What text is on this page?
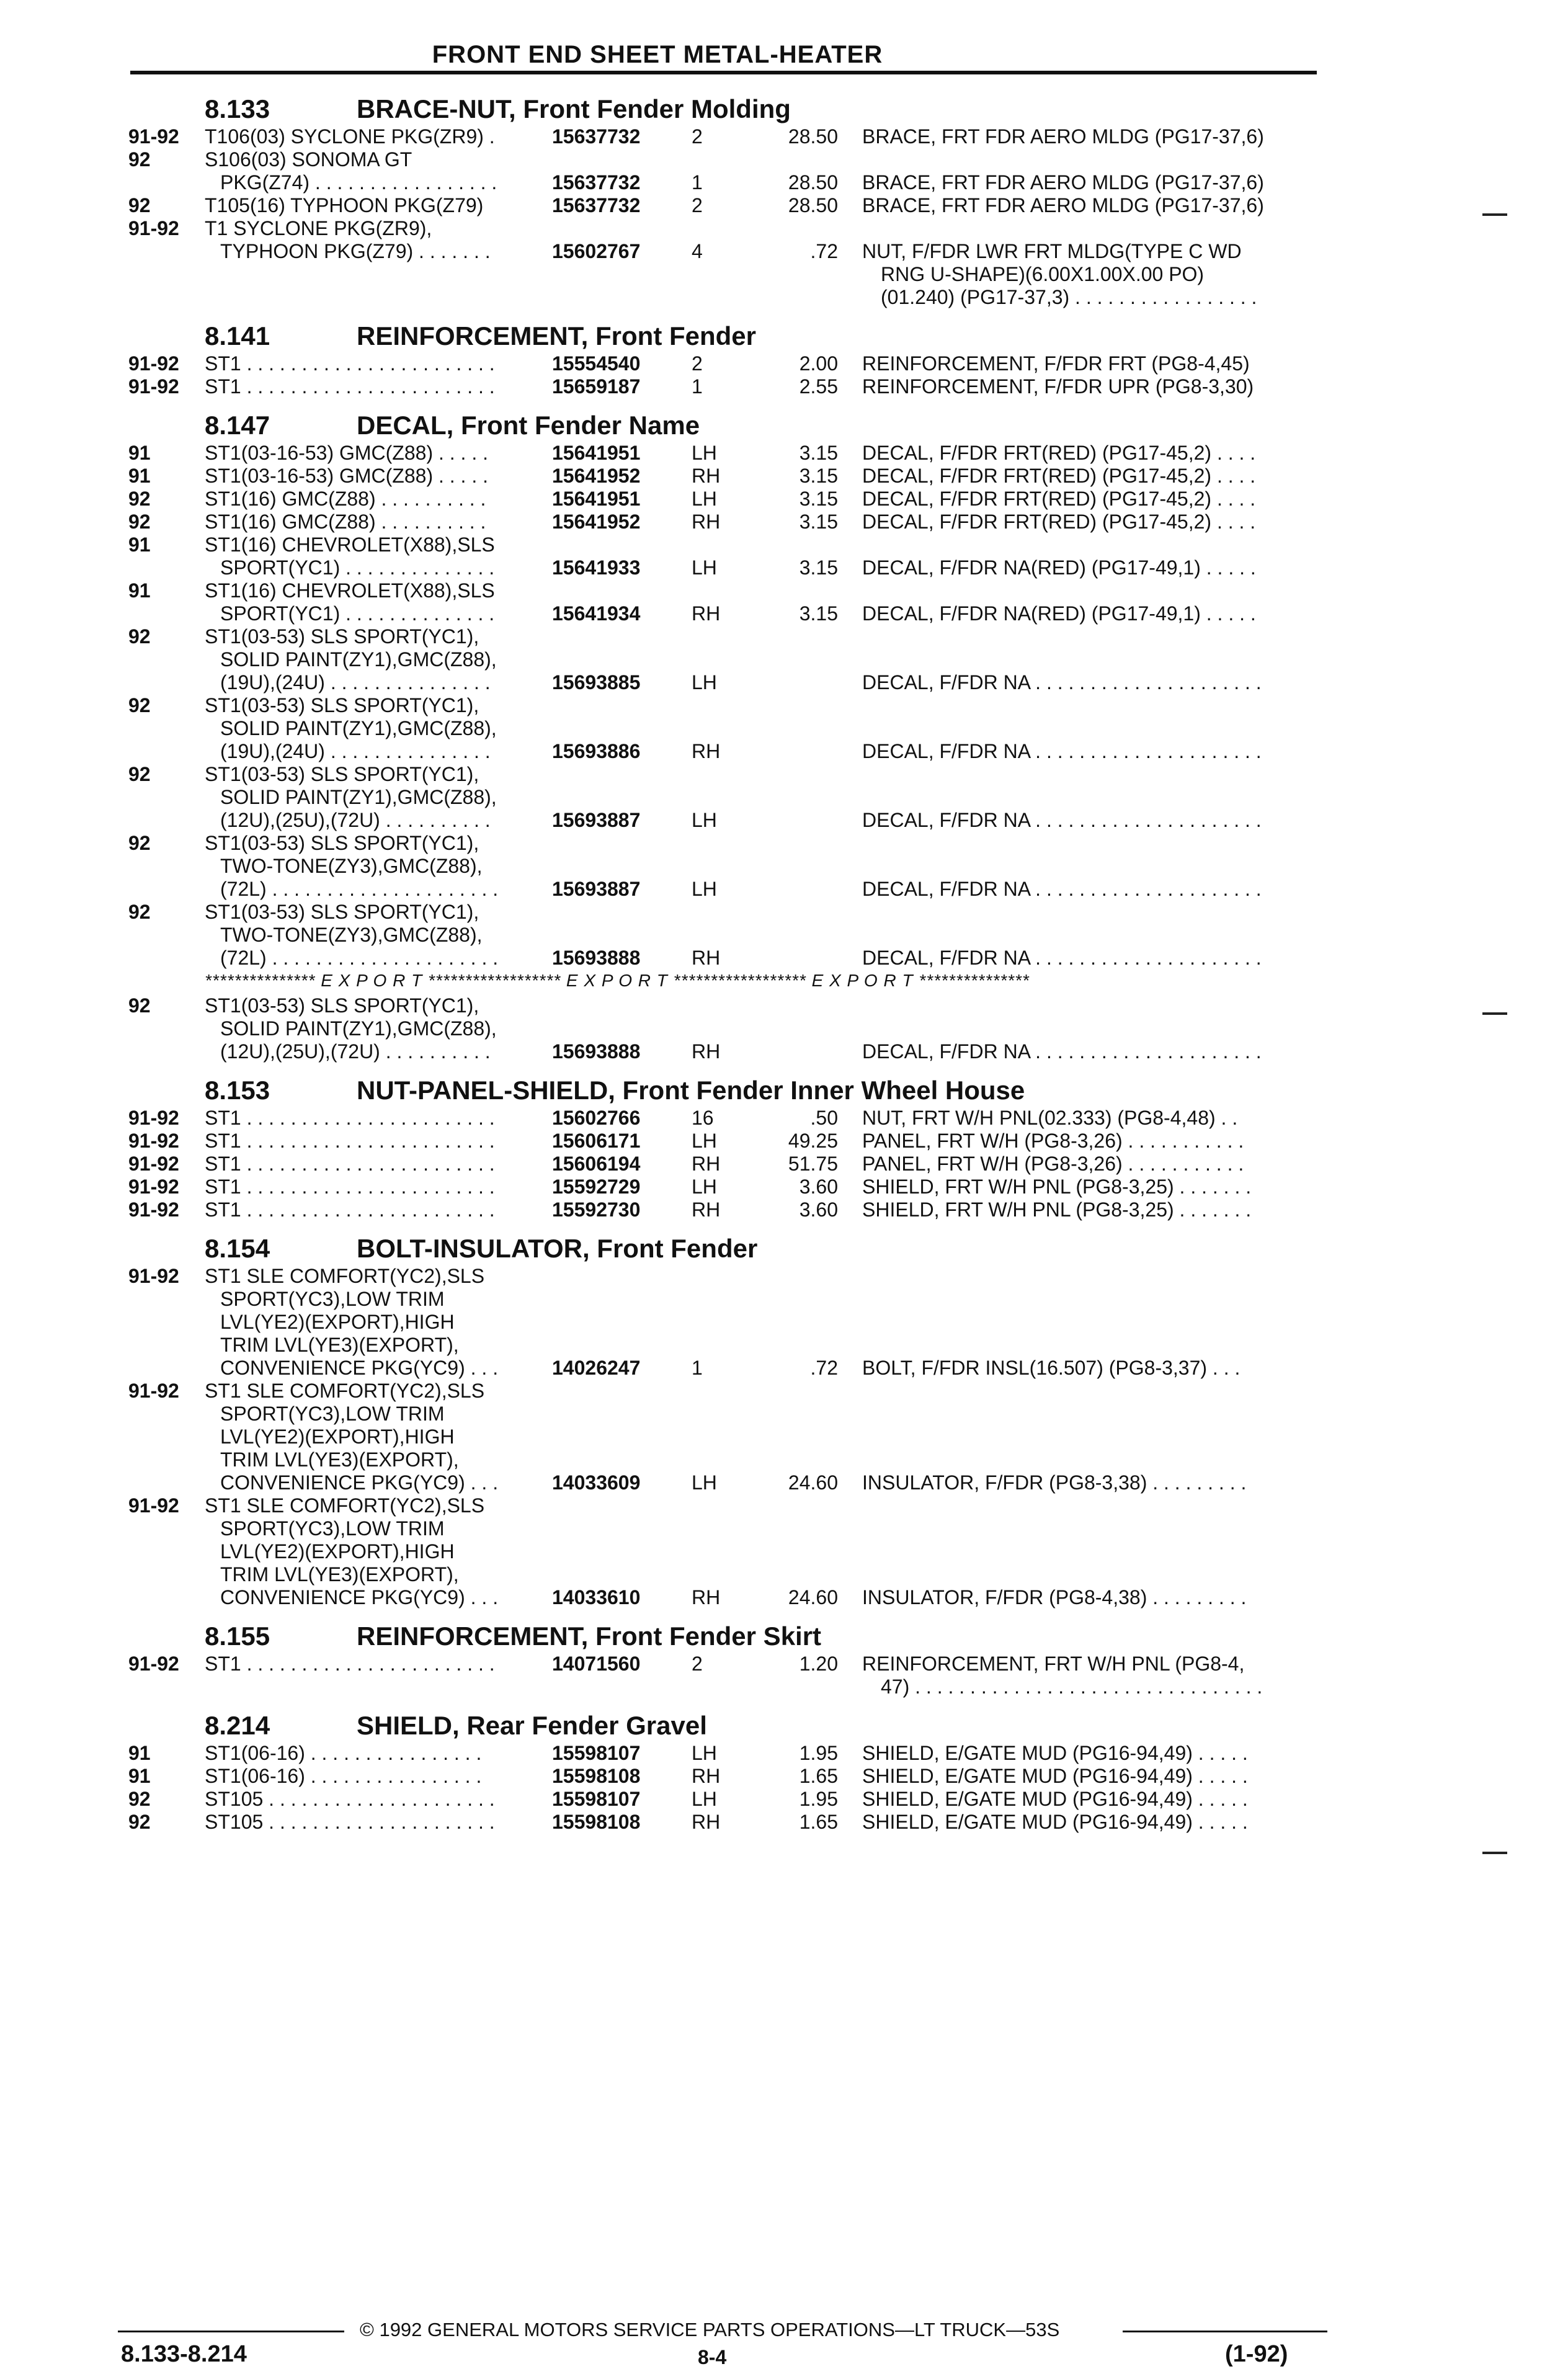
FRONT END SHEET METAL-HEATER
8.133	BRACE-NUT, Front Fender Molding
91-92 T106(03) SYCLONE PKG(ZR9) .	15637732	2	28.50 BRACE, FRT FDR AERO MLDG (PG17-37,6)
92	S106(03) SONOMA GT
PKG(Z74) . . . . . . . . . . . . . . . . .	15637732	1	28.50 BRACE, FRT FDR AERO MLDG (PG17-37,6)
92	T105(16) TYPHOON PKG(Z79)	15637732	2	28.50 BRACE, FRT FDR AERO MLDG (PG17-37,6)
91-92 T1 SYCLONE PKG(ZR9),
TYPHOON PKG(Z79) . . . . . . .	15602767	4	.72 NUT, F/FDR LWR FRT MLDG(TYPE C WD
RNG U-SHAPE)(6.00X1.00X.00 PO)
(01.240) (PG17-37,3) . . . . . . . . . . . . . . . . .
8.141	REINFORCEMENT, Front Fender
91-92 ST1 . . . . . . . . . . . . . . . . . . . . . . .	15554540	2	2.00 REINFORCEMENT, F/FDR FRT (PG8-4,45)
91-92 ST1 . . . . . . . . . . . . . . . . . . . . . . .	15659187	1	2.55 REINFORCEMENT, F/FDR UPR (PG8-3,30)
8.147	DECAL, Front Fender Name
91	ST1(03-16-53) GMC(Z88) . . . . .	15641951	LH	3.15 DECAL, F/FDR FRT(RED) (PG17-45,2) . . . .
91	ST1(03-16-53) GMC(Z88) . . . . .	15641952	RH	3.15 DECAL, F/FDR FRT(RED) (PG17-45,2) . . . .
92	ST1(16) GMC(Z88) . . . . . . . . . .	15641951	LH	3.15 DECAL, F/FDR FRT(RED) (PG17-45,2) . . . .
92	ST1(16) GMC(Z88) . . . . . . . . . .	15641952	RH	3.15 DECAL, F/FDR FRT(RED) (PG17-45,2) . . . .
91	ST1(16) CHEVROLET(X88),SLS
SPORT(YC1) . . . . . . . . . . . . . .	15641933	LH	3.15 DECAL, F/FDR NA(RED) (PG17-49,1) . . . . .
91	ST1(16) CHEVROLET(X88),SLS
SPORT(YC1) . . . . . . . . . . . . . .	15641934	RH	3.15 DECAL, F/FDR NA(RED) (PG17-49,1) . . . . .
92	ST1(03-53) SLS SPORT(YC1),
SOLID PAINT(ZY1),GMC(Z88),
(19U),(24U) . . . . . . . . . . . . . . .	15693885	LH	DECAL, F/FDR NA . . . . . . . . . . . . . . . . . . . . .
92	ST1(03-53) SLS SPORT(YC1),
SOLID PAINT(ZY1),GMC(Z88),
(19U),(24U) . . . . . . . . . . . . . . .	15693886	RH	DECAL, F/FDR NA . . . . . . . . . . . . . . . . . . . . .
92	ST1(03-53) SLS SPORT(YC1),
SOLID PAINT(ZY1),GMC(Z88),
(12U),(25U),(72U) . . . . . . . . . .	15693887	LH	DECAL, F/FDR NA . . . . . . . . . . . . . . . . . . . . .
92	ST1(03-53) SLS SPORT(YC1),
TWO-TONE(ZY3),GMC(Z88),
(72L) . . . . . . . . . . . . . . . . . . . . .	15693887	LH	DECAL, F/FDR NA . . . . . . . . . . . . . . . . . . . . .
92	ST1(03-53) SLS SPORT(YC1),
TWO-TONE(ZY3),GMC(Z88),
(72L) . . . . . . . . . . . . . . . . . . . . .	15693888	RH	DECAL, F/FDR NA . . . . . . . . . . . . . . . . . . . . .
*************** E X P O R T ****************** E X P O R T ****************** E X P O R T ***************
92	ST1(03-53) SLS SPORT(YC1),
SOLID PAINT(ZY1),GMC(Z88),
(12U),(25U),(72U) . . . . . . . . . .	15693888	RH	DECAL, F/FDR NA . . . . . . . . . . . . . . . . . . . . .
8.153	NUT-PANEL-SHIELD, Front Fender Inner Wheel House
91-92 ST1 . . . . . . . . . . . . . . . . . . . . . . .	15602766	16	.50 NUT, FRT W/H PNL(02.333) (PG8-4,48) . .
91-92 ST1 . . . . . . . . . . . . . . . . . . . . . . .	15606171	LH	49.25 PANEL, FRT W/H (PG8-3,26) . . . . . . . . . . .
91-92 ST1 . . . . . . . . . . . . . . . . . . . . . . .	15606194	RH	51.75 PANEL, FRT W/H (PG8-3,26) . . . . . . . . . . .
91-92 ST1 . . . . . . . . . . . . . . . . . . . . . . .	15592729	LH	3.60 SHIELD, FRT W/H PNL (PG8-3,25) . . . . . . .
91-92 ST1 . . . . . . . . . . . . . . . . . . . . . . .	15592730	RH	3.60 SHIELD, FRT W/H PNL (PG8-3,25) . . . . . . .
8.154	BOLT-INSULATOR, Front Fender
91-92 ST1 SLE COMFORT(YC2),SLS
SPORT(YC3),LOW TRIM
LVL(YE2)(EXPORT),HIGH
TRIM LVL(YE3)(EXPORT),
CONVENIENCE PKG(YC9) . . .	14026247	1	.72 BOLT, F/FDR INSL(16.507) (PG8-3,37) . . .
91-92 ST1 SLE COMFORT(YC2),SLS
SPORT(YC3),LOW TRIM
LVL(YE2)(EXPORT),HIGH
TRIM LVL(YE3)(EXPORT),
CONVENIENCE PKG(YC9) . . .	14033609	LH	24.60 INSULATOR, F/FDR (PG8-3,38) . . . . . . . . .
91-92 ST1 SLE COMFORT(YC2),SLS
SPORT(YC3),LOW TRIM
LVL(YE2)(EXPORT),HIGH
TRIM LVL(YE3)(EXPORT),
CONVENIENCE PKG(YC9) . . .	14033610	RH	24.60 INSULATOR, F/FDR (PG8-4,38) . . . . . . . . .
8.155	REINFORCEMENT, Front Fender Skirt
91-92 ST1 . . . . . . . . . . . . . . . . . . . . . . .	14071560	2	1.20 REINFORCEMENT, FRT W/H PNL (PG8-4,
47) . . . . . . . . . . . . . . . . . . . . . . . . . . . . . . . .
8.214	SHIELD, Rear Fender Gravel
91	ST1(06-16) . . . . . . . . . . . . . . . .	15598107	LH	1.95 SHIELD, E/GATE MUD (PG16-94,49) . . . . .
91	ST1(06-16) . . . . . . . . . . . . . . . .	15598108	RH	1.65 SHIELD, E/GATE MUD (PG16-94,49) . . . . .
92	ST105 . . . . . . . . . . . . . . . . . . . . .	15598107	LH	1.95 SHIELD, E/GATE MUD (PG16-94,49) . . . . .
92	ST105 . . . . . . . . . . . . . . . . . . . . .	15598108	RH	1.65 SHIELD, E/GATE MUD (PG16-94,49) . . . . .
© 1992 GENERAL MOTORS SERVICE PARTS OPERATIONS—LT TRUCK—53S
8.133-8.214	8-4	(1-92)
